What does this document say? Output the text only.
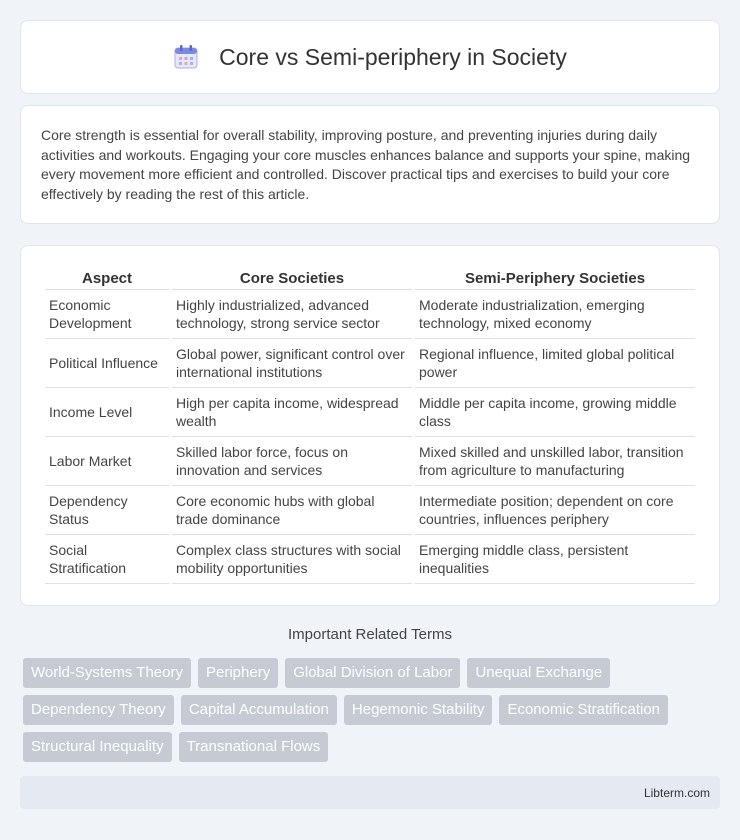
Core vs Semi-periphery in Society

Core strength is essential for overall stability, improving posture, and preventing injuries during daily activities and workouts. Engaging your core muscles enhances balance and supports your spine, making every movement more efficient and controlled. Discover practical tips and exercises to build your core effectively by reading the rest of this article.

Aspect	Core Societies	Semi-Periphery Societies
Economic Development	Highly industrialized, advanced technology, strong service sector	Moderate industrialization, emerging technology, mixed economy
Political Influence	Global power, significant control over international institutions	Regional influence, limited global political power
Income Level	High per capita income, widespread wealth	Middle per capita income, growing middle class
Labor Market	Skilled labor force, focus on innovation and services	Mixed skilled and unskilled labor, transition from agriculture to manufacturing
Dependency Status	Core economic hubs with global trade dominance	Intermediate position; dependent on core countries, influences periphery
Social Stratification	Complex class structures with social mobility opportunities	Emerging middle class, persistent inequalities
Important Related Terms
World-Systems Theory	Periphery	Global Division of Labor	Unequal Exchange
Dependency Theory	Capital Accumulation	Hegemonic Stability	Economic Stratification
Structural Inequality	Transnational Flows
Libterm.com
